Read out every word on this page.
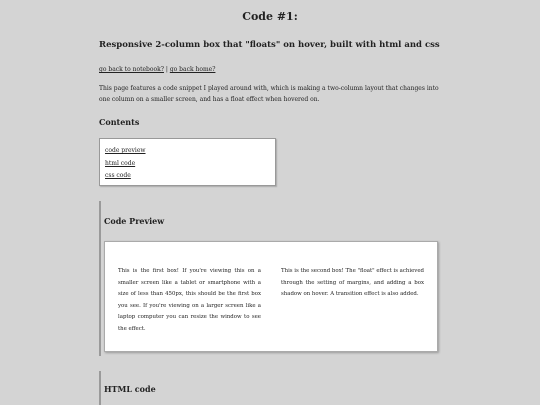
Code #1:
Responsive 2-column box that "floats" on hover, built with html and css
go back to notebook? | go back home?

This page features a code snippet I played around with, which is making a two-column layout that changes into one column on a smaller screen, and has a float effect when hovered on.

Contents
code preview
html code
css code
Code Preview

This is the first box! If you're viewing this on a smaller screen like a tablet or smartphone with a size of less than 450px, this should be the first box you see. If you're viewing on a larger screen like a laptop computer you can resize the window to see the effect.

This is the second box! The "float" effect is achieved through the setting of margins, and adding a box shadow on hover. A transition effect is also added.

HTML code
